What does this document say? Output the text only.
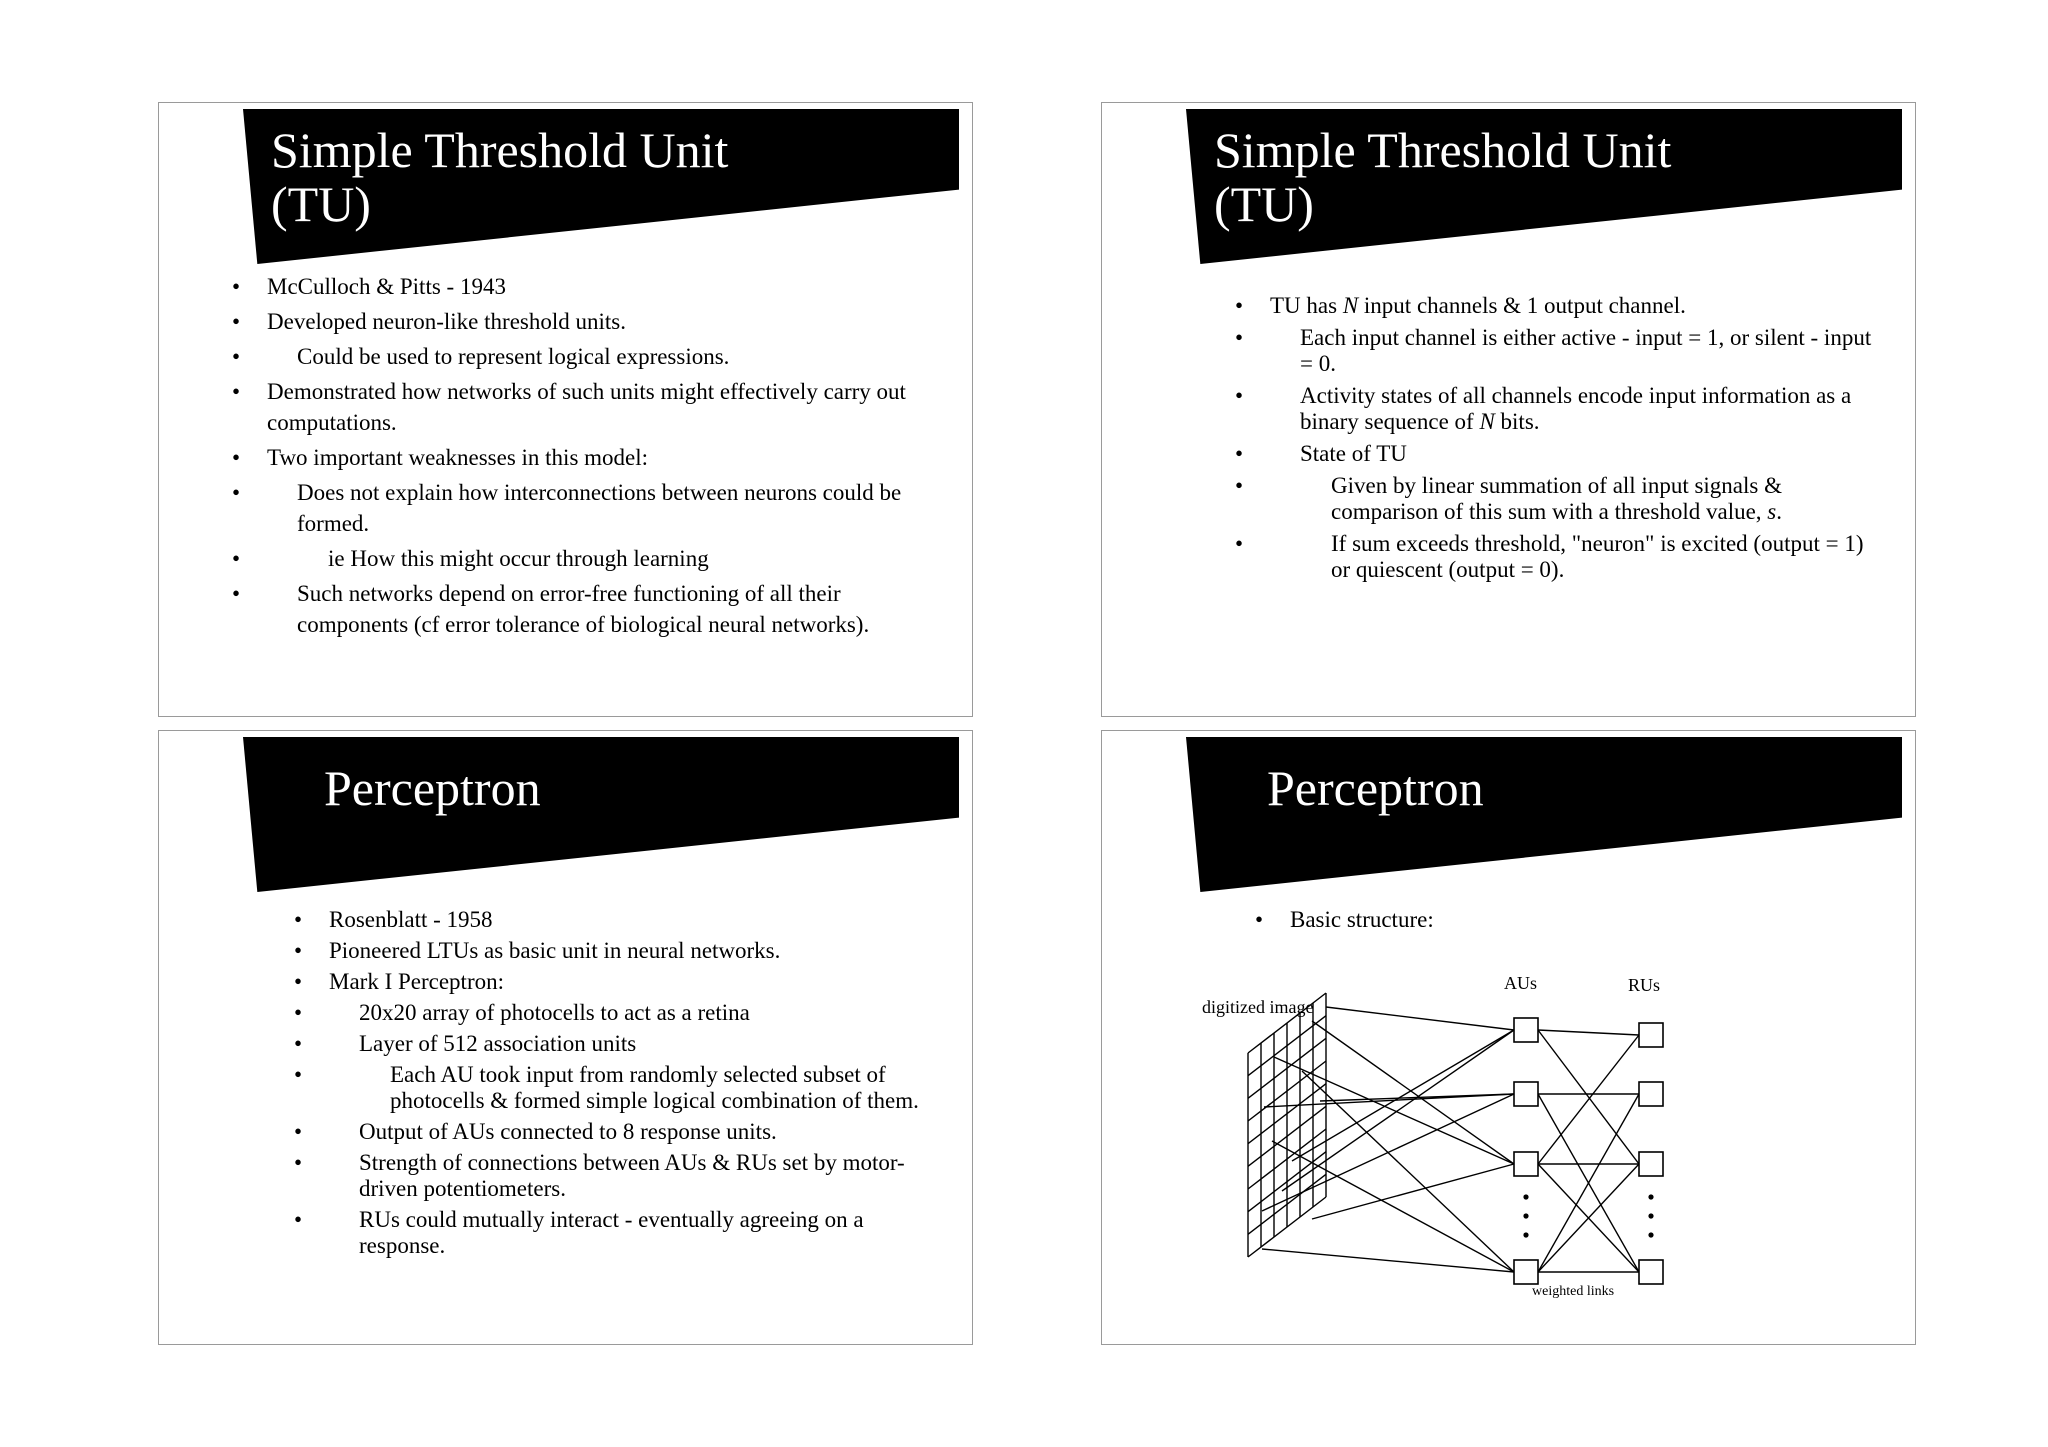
Simple Threshold Unit
(TU)
• McCulloch & Pitts - 1943
• Developed neuron-like threshold units.
• Could be used to represent logical expressions.
• Demonstrated how networks of such units might effectively carry out computations.
• Two important weaknesses in this model:
• Does not explain how interconnections between neurons could be formed.
• ie How this might occur through learning
• Such networks depend on error-free functioning of all their components (cf error tolerance of biological neural networks).
Simple Threshold Unit
(TU)
• TU has N input channels & 1 output channel.
• Each input channel is either active - input = 1, or silent - input = 0.
• Activity states of all channels encode input information as a binary sequence of N bits.
• State of TU
• Given by linear summation of all input signals & comparison of this sum with a threshold value, s.
• If sum exceeds threshold, "neuron" is excited (output = 1) or quiescent (output = 0).
Perceptron
• Rosenblatt - 1958
• Pioneered LTUs as basic unit in neural networks.
• Mark I Perceptron:
• 20x20 array of photocells to act as a retina
• Layer of 512 association units
• Each AU took input from randomly selected subset of photocells & formed simple logical combination of them.
• Output of AUs connected to 8 response units.
• Strength of connections between AUs & RUs set by motor-driven potentiometers.
• RUs could mutually interact - eventually agreeing on a response.
Perceptron
• Basic structure:
digitized image
AUs	RUs
weighted links
